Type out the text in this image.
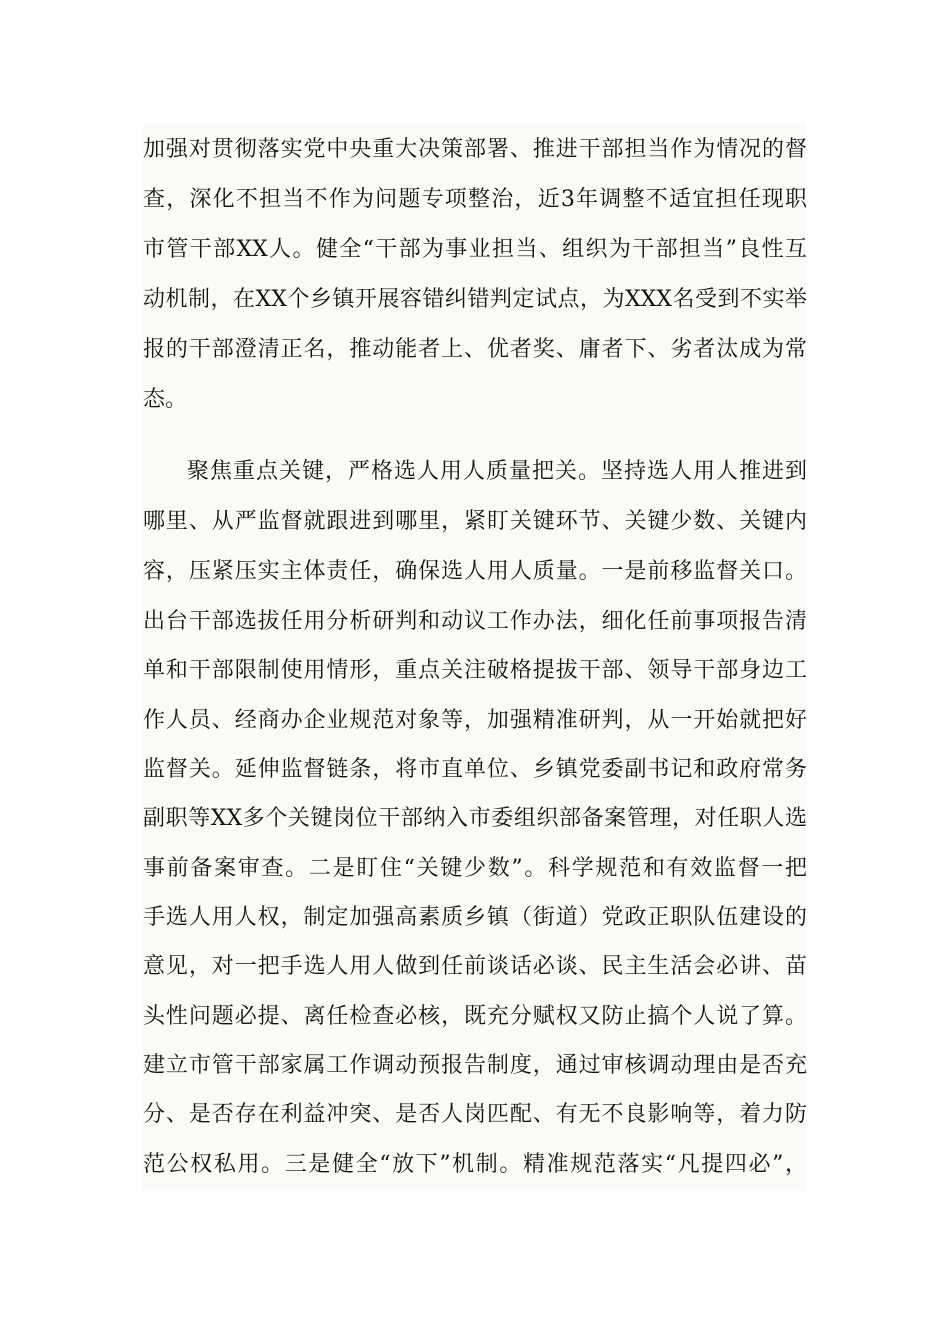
加强对贯彻落实党中央重大决策部署、推进干部担当作为情况的督
查，深化不担当不作为问题专项整治，近3年调整不适宜担任现职
市管干部XX人。健全“干部为事业担当、组织为干部担当”良性互
动机制，在XX个乡镇开展容错纠错判定试点，为XXX名受到不实举
报的干部澄清正名，推动能者上、优者奖、庸者下、劣者汰成为常
态。
聚焦重点关键，严格选人用人质量把关。坚持选人用人推进到
哪里、从严监督就跟进到哪里，紧盯关键环节、关键少数、关键内
容，压紧压实主体责任，确保选人用人质量。一是前移监督关口。
出台干部选拔任用分析研判和动议工作办法，细化任前事项报告清
单和干部限制使用情形，重点关注破格提拔干部、领导干部身边工
作人员、经商办企业规范对象等，加强精准研判，从一开始就把好
监督关。延伸监督链条，将市直单位、乡镇党委副书记和政府常务
副职等XX多个关键岗位干部纳入市委组织部备案管理，对任职人选
事前备案审查。二是盯住“关键少数”。科学规范和有效监督一把
手选人用人权，制定加强高素质乡镇（街道）党政正职队伍建设的
意见，对一把手选人用人做到任前谈话必谈、民主生活会必讲、苗
头性问题必提、离任检查必核，既充分赋权又防止搞个人说了算。
建立市管干部家属工作调动预报告制度，通过审核调动理由是否充
分、是否存在利益冲突、是否人岗匹配、有无不良影响等，着力防
范公权私用。三是健全“放下”机制。精准规范落实“凡提四必”，
